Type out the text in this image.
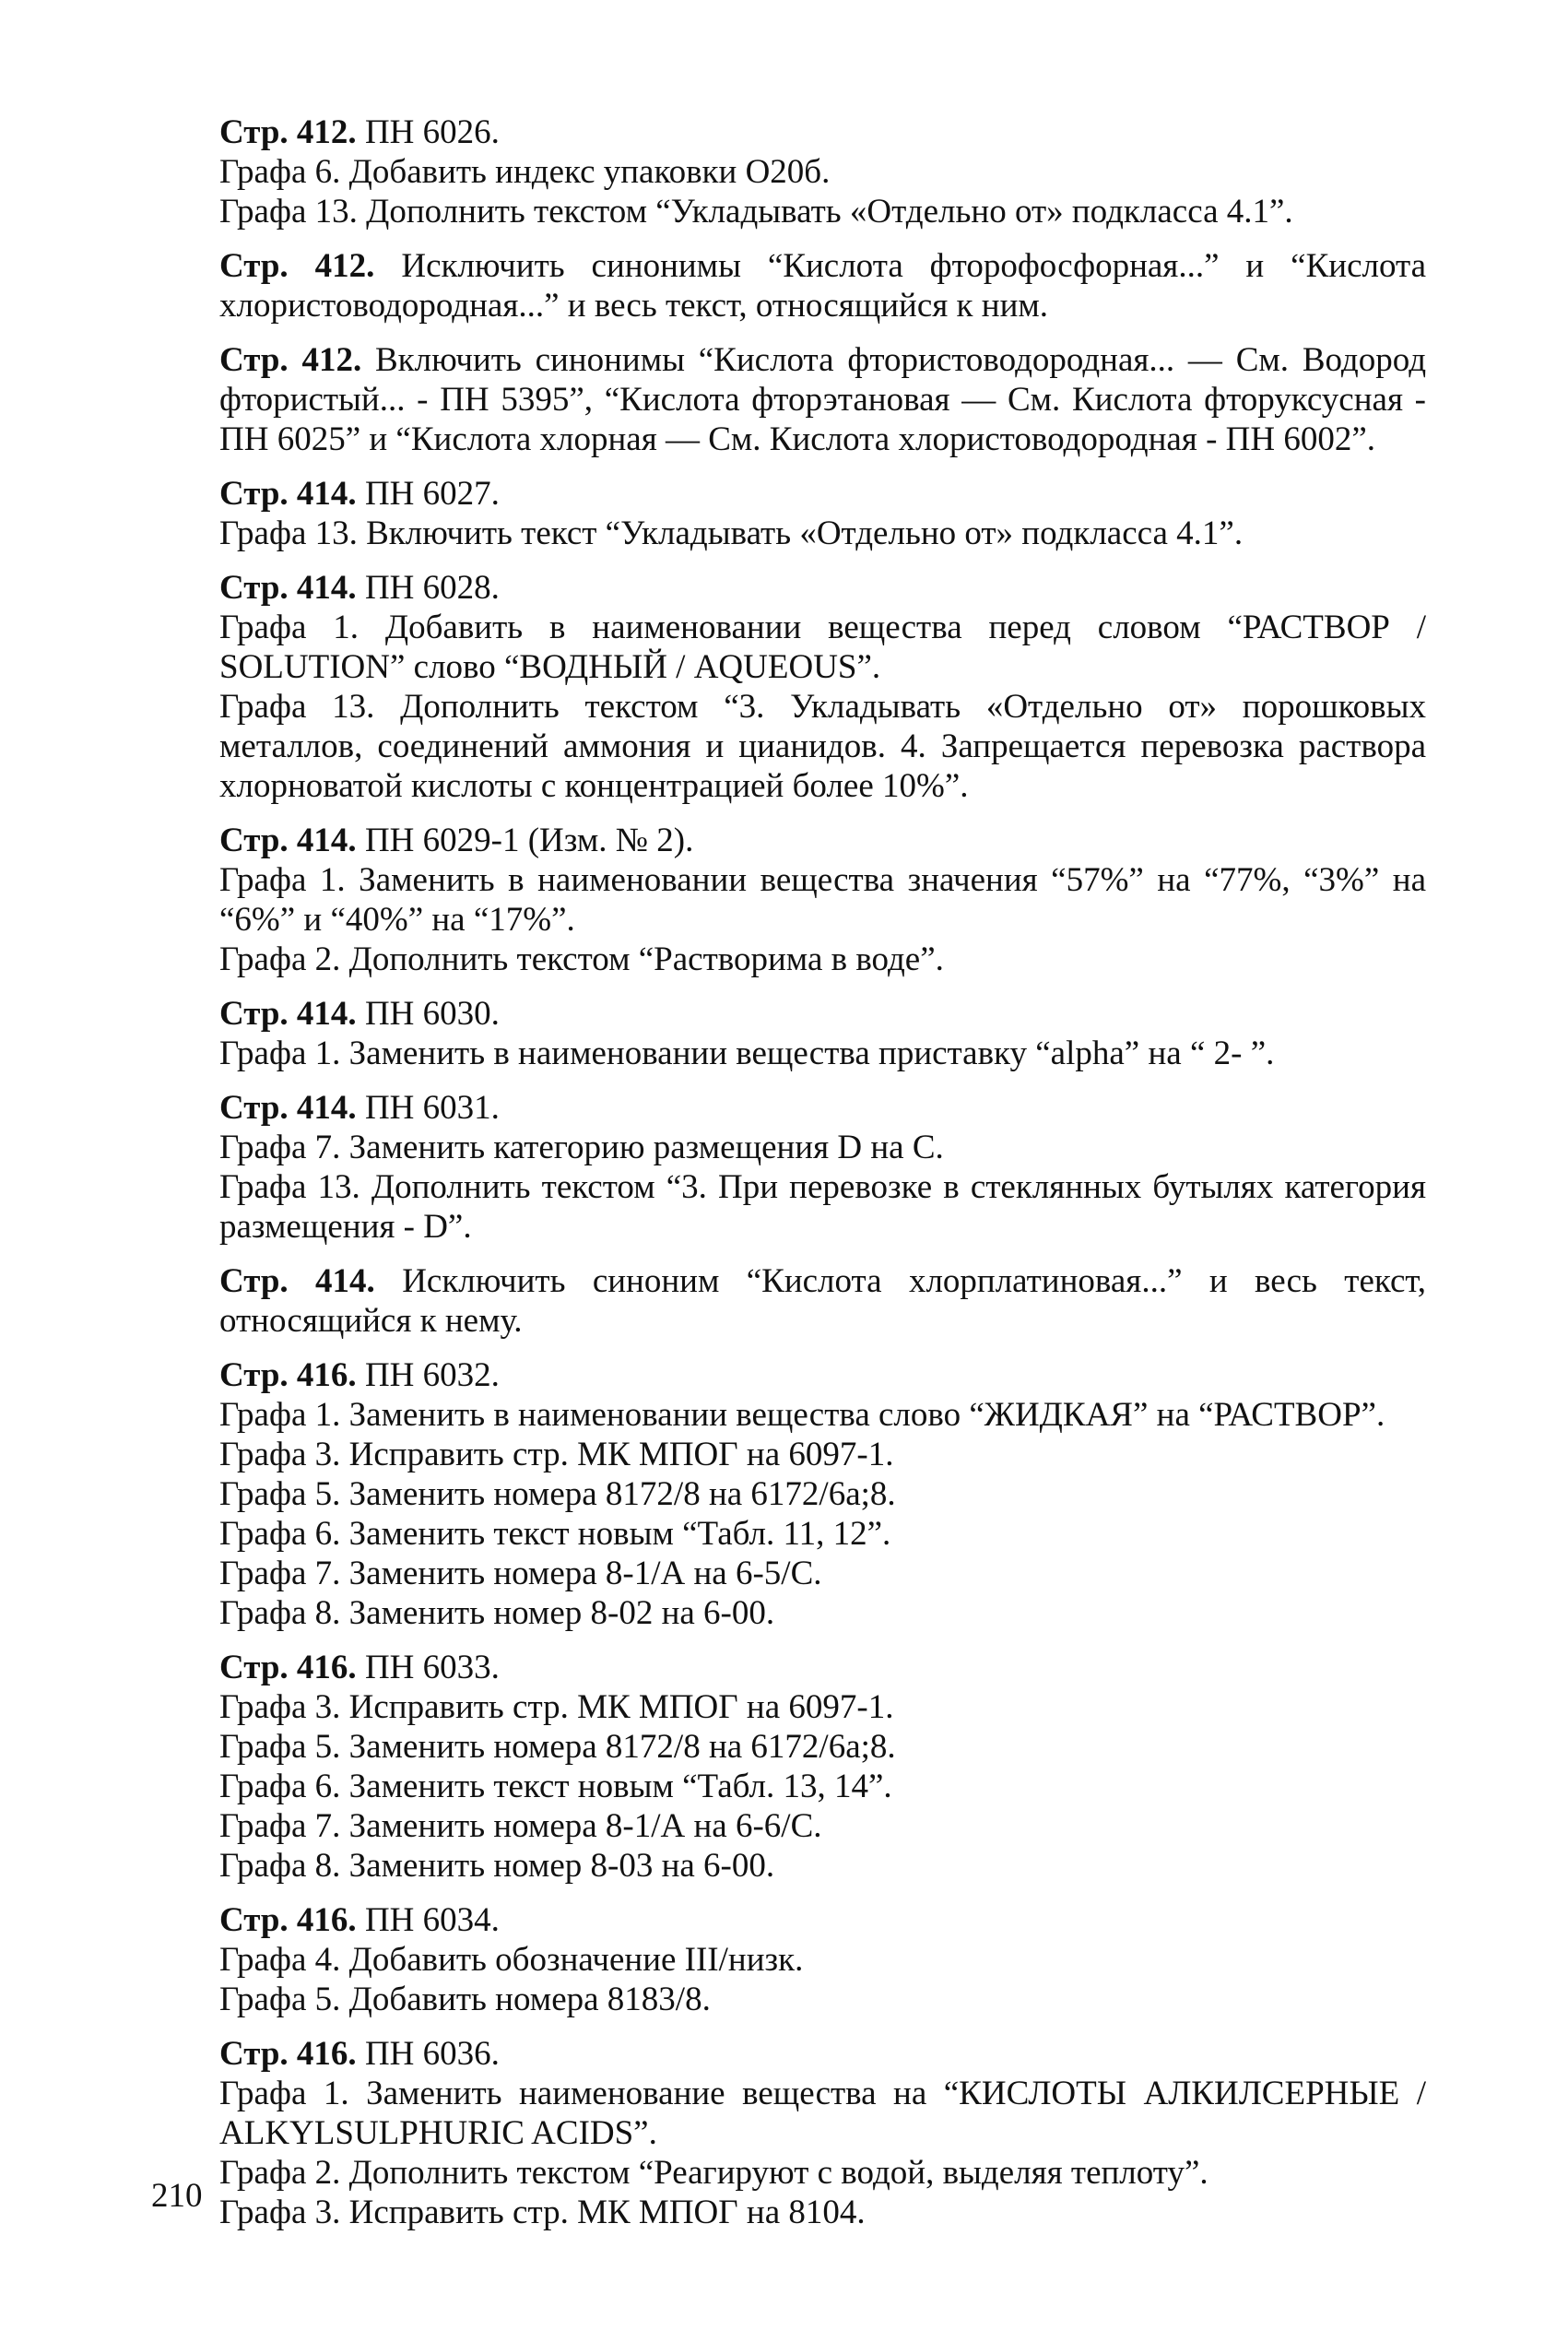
Стр. 412. ПН 6026.

Графа 6. Добавить индекс упаковки О20б.

Графа 13. Дополнить текстом “Укладывать «Отдельно от» подкласса 4.1”.

Стр. 412. Исключить синонимы “Кислота фторофосфорная...” и “Кислота хлористоводородная...” и весь текст, относящийся к ним.

Стр. 412. Включить синонимы “Кислота фтористоводородная... — См. Водород фтористый... - ПН 5395”, “Кислота фторэтановая — См. Кислота фторуксусная - ПН 6025” и “Кислота хлорная — См. Кислота хлористоводородная - ПН 6002”.

Стр. 414. ПН 6027.

Графа 13. Включить текст “Укладывать «Отдельно от» подкласса 4.1”.

Стр. 414. ПН 6028.

Графа 1. Добавить в наименовании вещества перед словом “РАСТВОР / SOLUTION” слово “ВОДНЫЙ / AQUEOUS”.

Графа 13. Дополнить текстом “3. Укладывать «Отдельно от» порошковых металлов, соединений аммония и цианидов. 4. Запрещается перевозка раствора хлорноватой кислоты с концентрацией более 10%”.

Стр. 414. ПН 6029-1 (Изм. № 2).

Графа 1. Заменить в наименовании вещества значения “57%” на “77%, “3%” на “6%” и “40%” на “17%”.

Графа 2. Дополнить текстом “Растворима в воде”.

Стр. 414. ПН 6030.

Графа 1. Заменить в наименовании вещества приставку “alpha” на “ 2- ”.

Стр. 414. ПН 6031.

Графа 7. Заменить категорию размещения D на C.

Графа 13. Дополнить текстом “3. При перевозке в стеклянных бутылях категория размещения - D”.

Стр. 414. Исключить синоним “Кислота хлорплатиновая...” и весь текст, относящийся к нему.

Стр. 416. ПН 6032.

Графа 1. Заменить в наименовании вещества слово “ЖИДКАЯ” на “РАСТВОР”.

Графа 3. Исправить стр. МК МПОГ на 6097-1.

Графа 5. Заменить номера 8172/8 на 6172/6а;8.

Графа 6. Заменить текст новым “Табл. 11, 12”.

Графа 7. Заменить номера 8-1/А на 6-5/С.

Графа 8. Заменить номер 8-02 на 6-00.

Стр. 416. ПН 6033.

Графа 3. Исправить стр. МК МПОГ на 6097-1.

Графа 5. Заменить номера 8172/8 на 6172/6а;8.

Графа 6. Заменить текст новым “Табл. 13, 14”.

Графа 7. Заменить номера 8-1/А на 6-6/С.

Графа 8. Заменить номер 8-03 на 6-00.

Стр. 416. ПН 6034.

Графа 4. Добавить обозначение III/низк.

Графа 5. Добавить номера 8183/8.

Стр. 416. ПН 6036.

Графа 1. Заменить наименование вещества на “КИСЛОТЫ АЛКИЛСЕРНЫЕ / ALKYLSULPHURIC ACIDS”.

Графа 2. Дополнить текстом “Реагируют с водой, выделяя теплоту”.

Графа 3. Исправить стр. МК МПОГ на 8104.

210
